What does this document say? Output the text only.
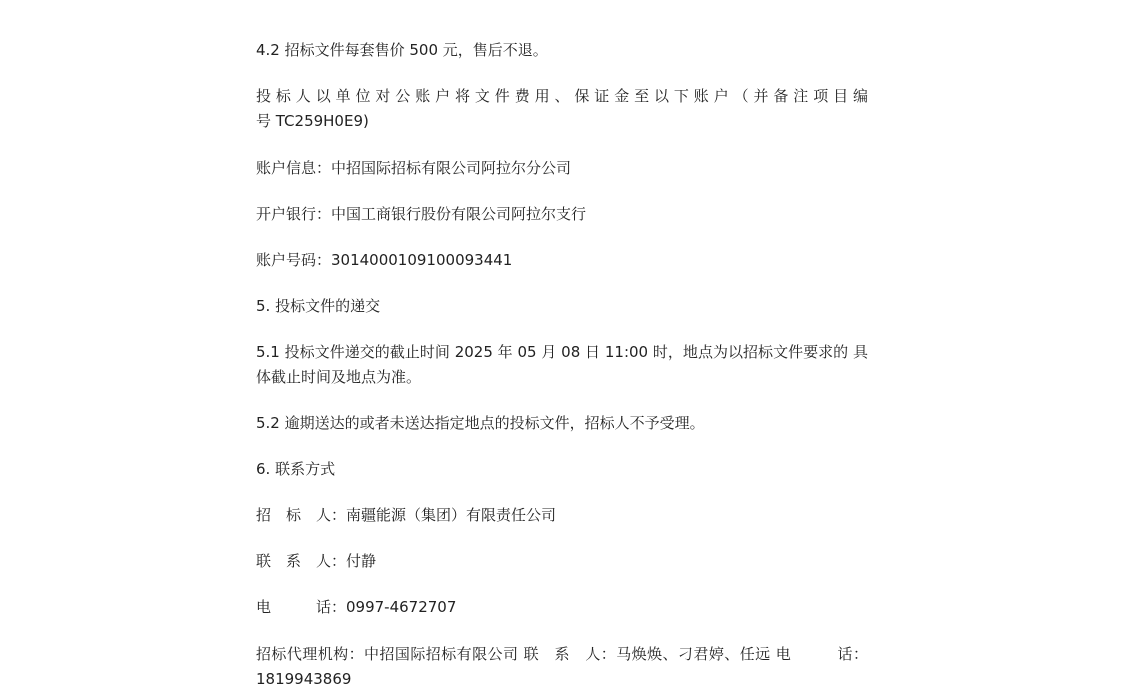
4.2 招标文件每套售价 500 元，售后不退。

投 标 人 以 单 位 对 公 账 户 将 文 件 费 用 、 保 证 金 至 以 下 账 户 （ 并 备 注 项 目 编 号 TC259H0E9)

账户信息：中招国际招标有限公司阿拉尔分公司

开户银行：中国工商银行股份有限公司阿拉尔支行

账户号码：3014000109100093441

5. 投标文件的递交

5.1 投标文件递交的截止时间 2025 年 05 月 08 日 11:00 时，地点为以招标文件要求的 具体截止时间及地点为准。

5.2 逾期送达的或者未送达指定地点的投标文件，招标人不予受理。

6. 联系方式

招　标　人：南疆能源（集团）有限责任公司

联　系　人：付静

电　　　话：0997-4672707

招标代理机构：中招国际招标有限公司 联　系　人：马焕焕、刁君婷、任远 电　　　话：1819943869
